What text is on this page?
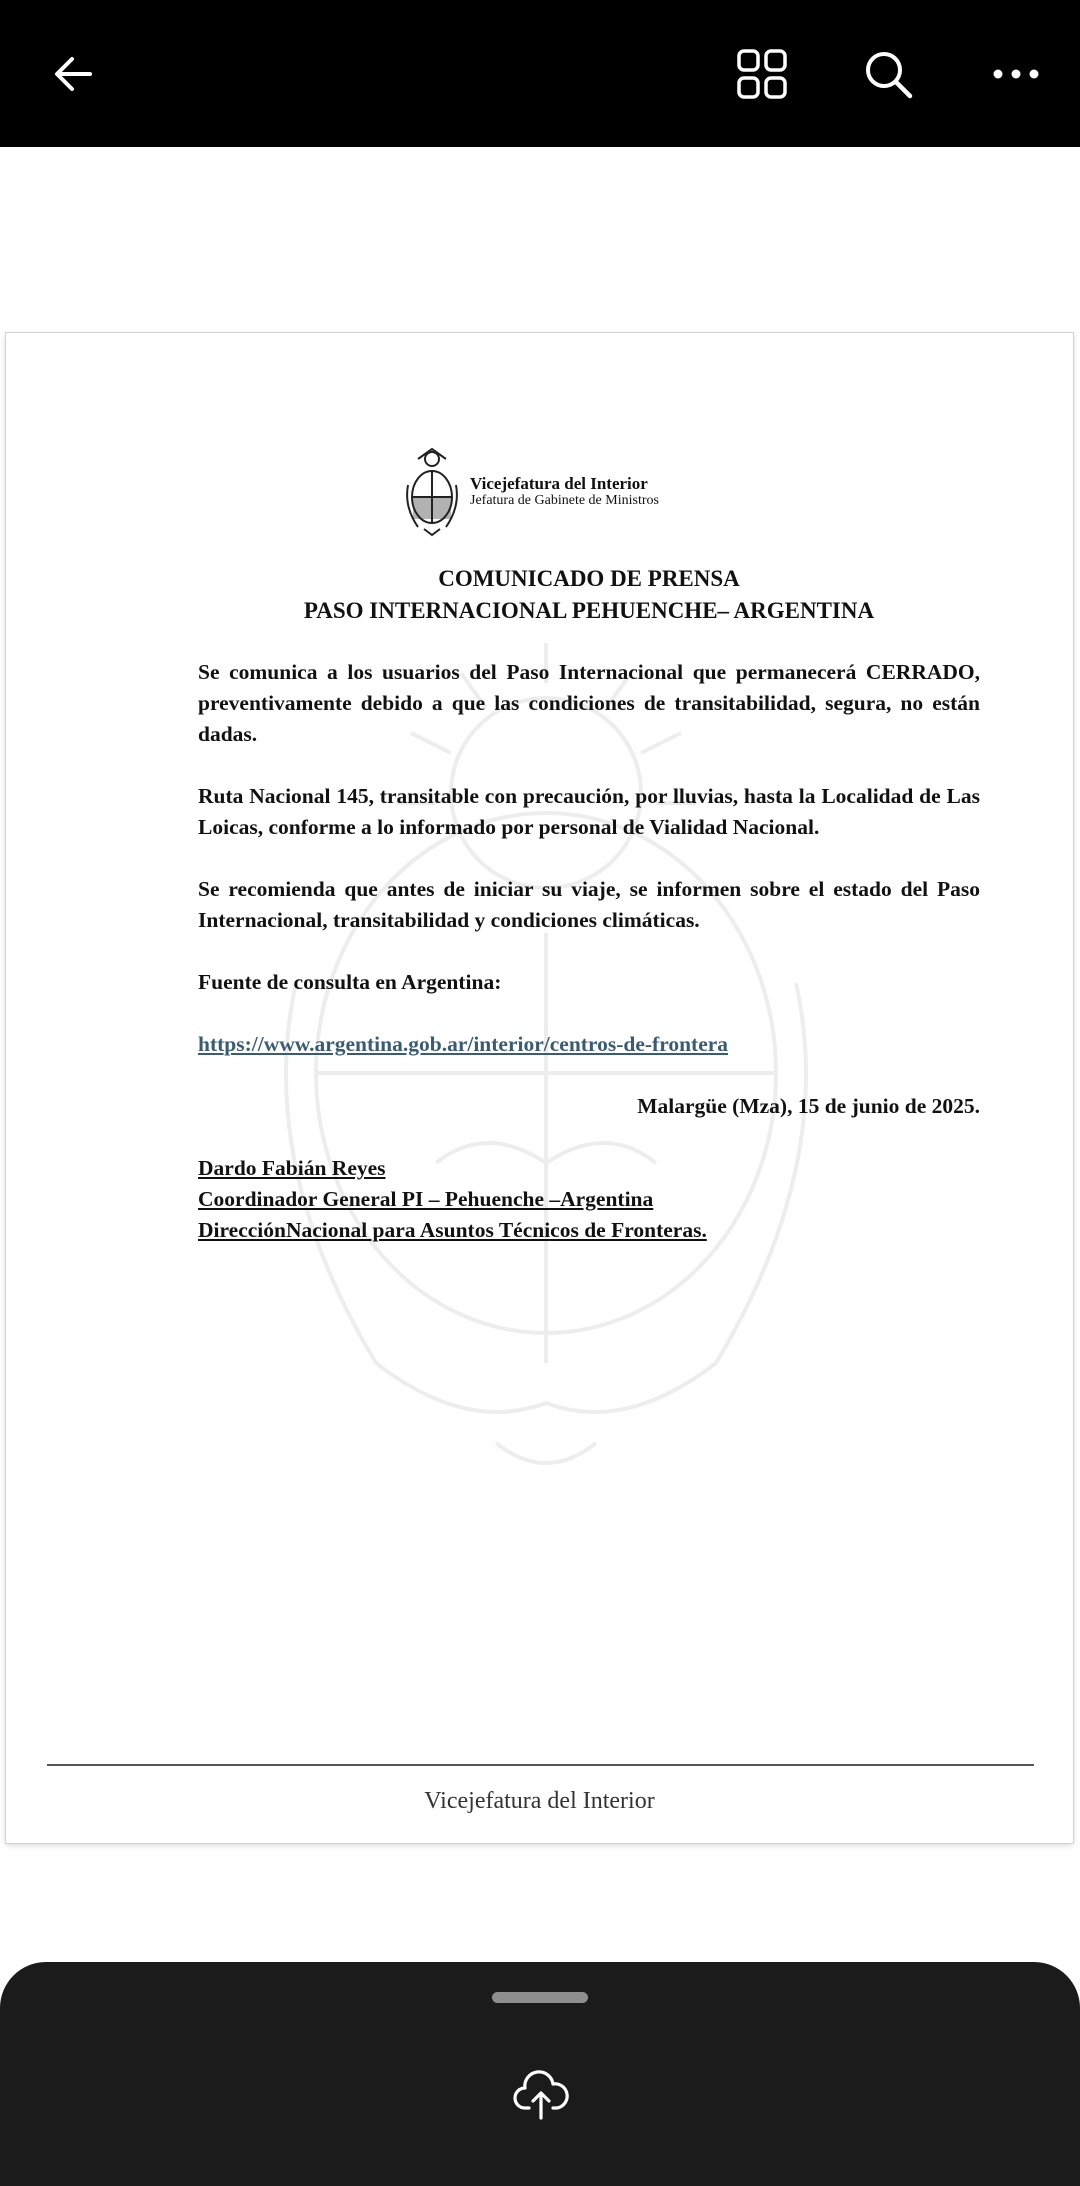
Vicejefatura del Interior
Jefatura de Gabinete de Ministros

COMUNICADO DE PRENSA

PASO INTERNACIONAL PEHUENCHE– ARGENTINA

Se comunica a los usuarios del Paso Internacional que permanecerá CERRADO, preventivamente debido a que las condiciones de transitabilidad, segura, no están dadas.

Ruta Nacional 145, transitable con precaución, por lluvias, hasta la Localidad de Las Loicas, conforme a lo informado por personal de Vialidad Nacional.

Se recomienda que antes de iniciar su viaje, se informen sobre el estado del Paso Internacional, transitabilidad y condiciones climáticas.

Fuente de consulta en Argentina:

https://www.argentina.gob.ar/interior/centros-de-frontera

Malargüe (Mza), 15 de junio de 2025.

Dardo Fabián Reyes

Coordinador General PI – Pehuenche –Argentina

DirecciónNacional para Asuntos Técnicos de Fronteras.

Vicejefatura del Interior
